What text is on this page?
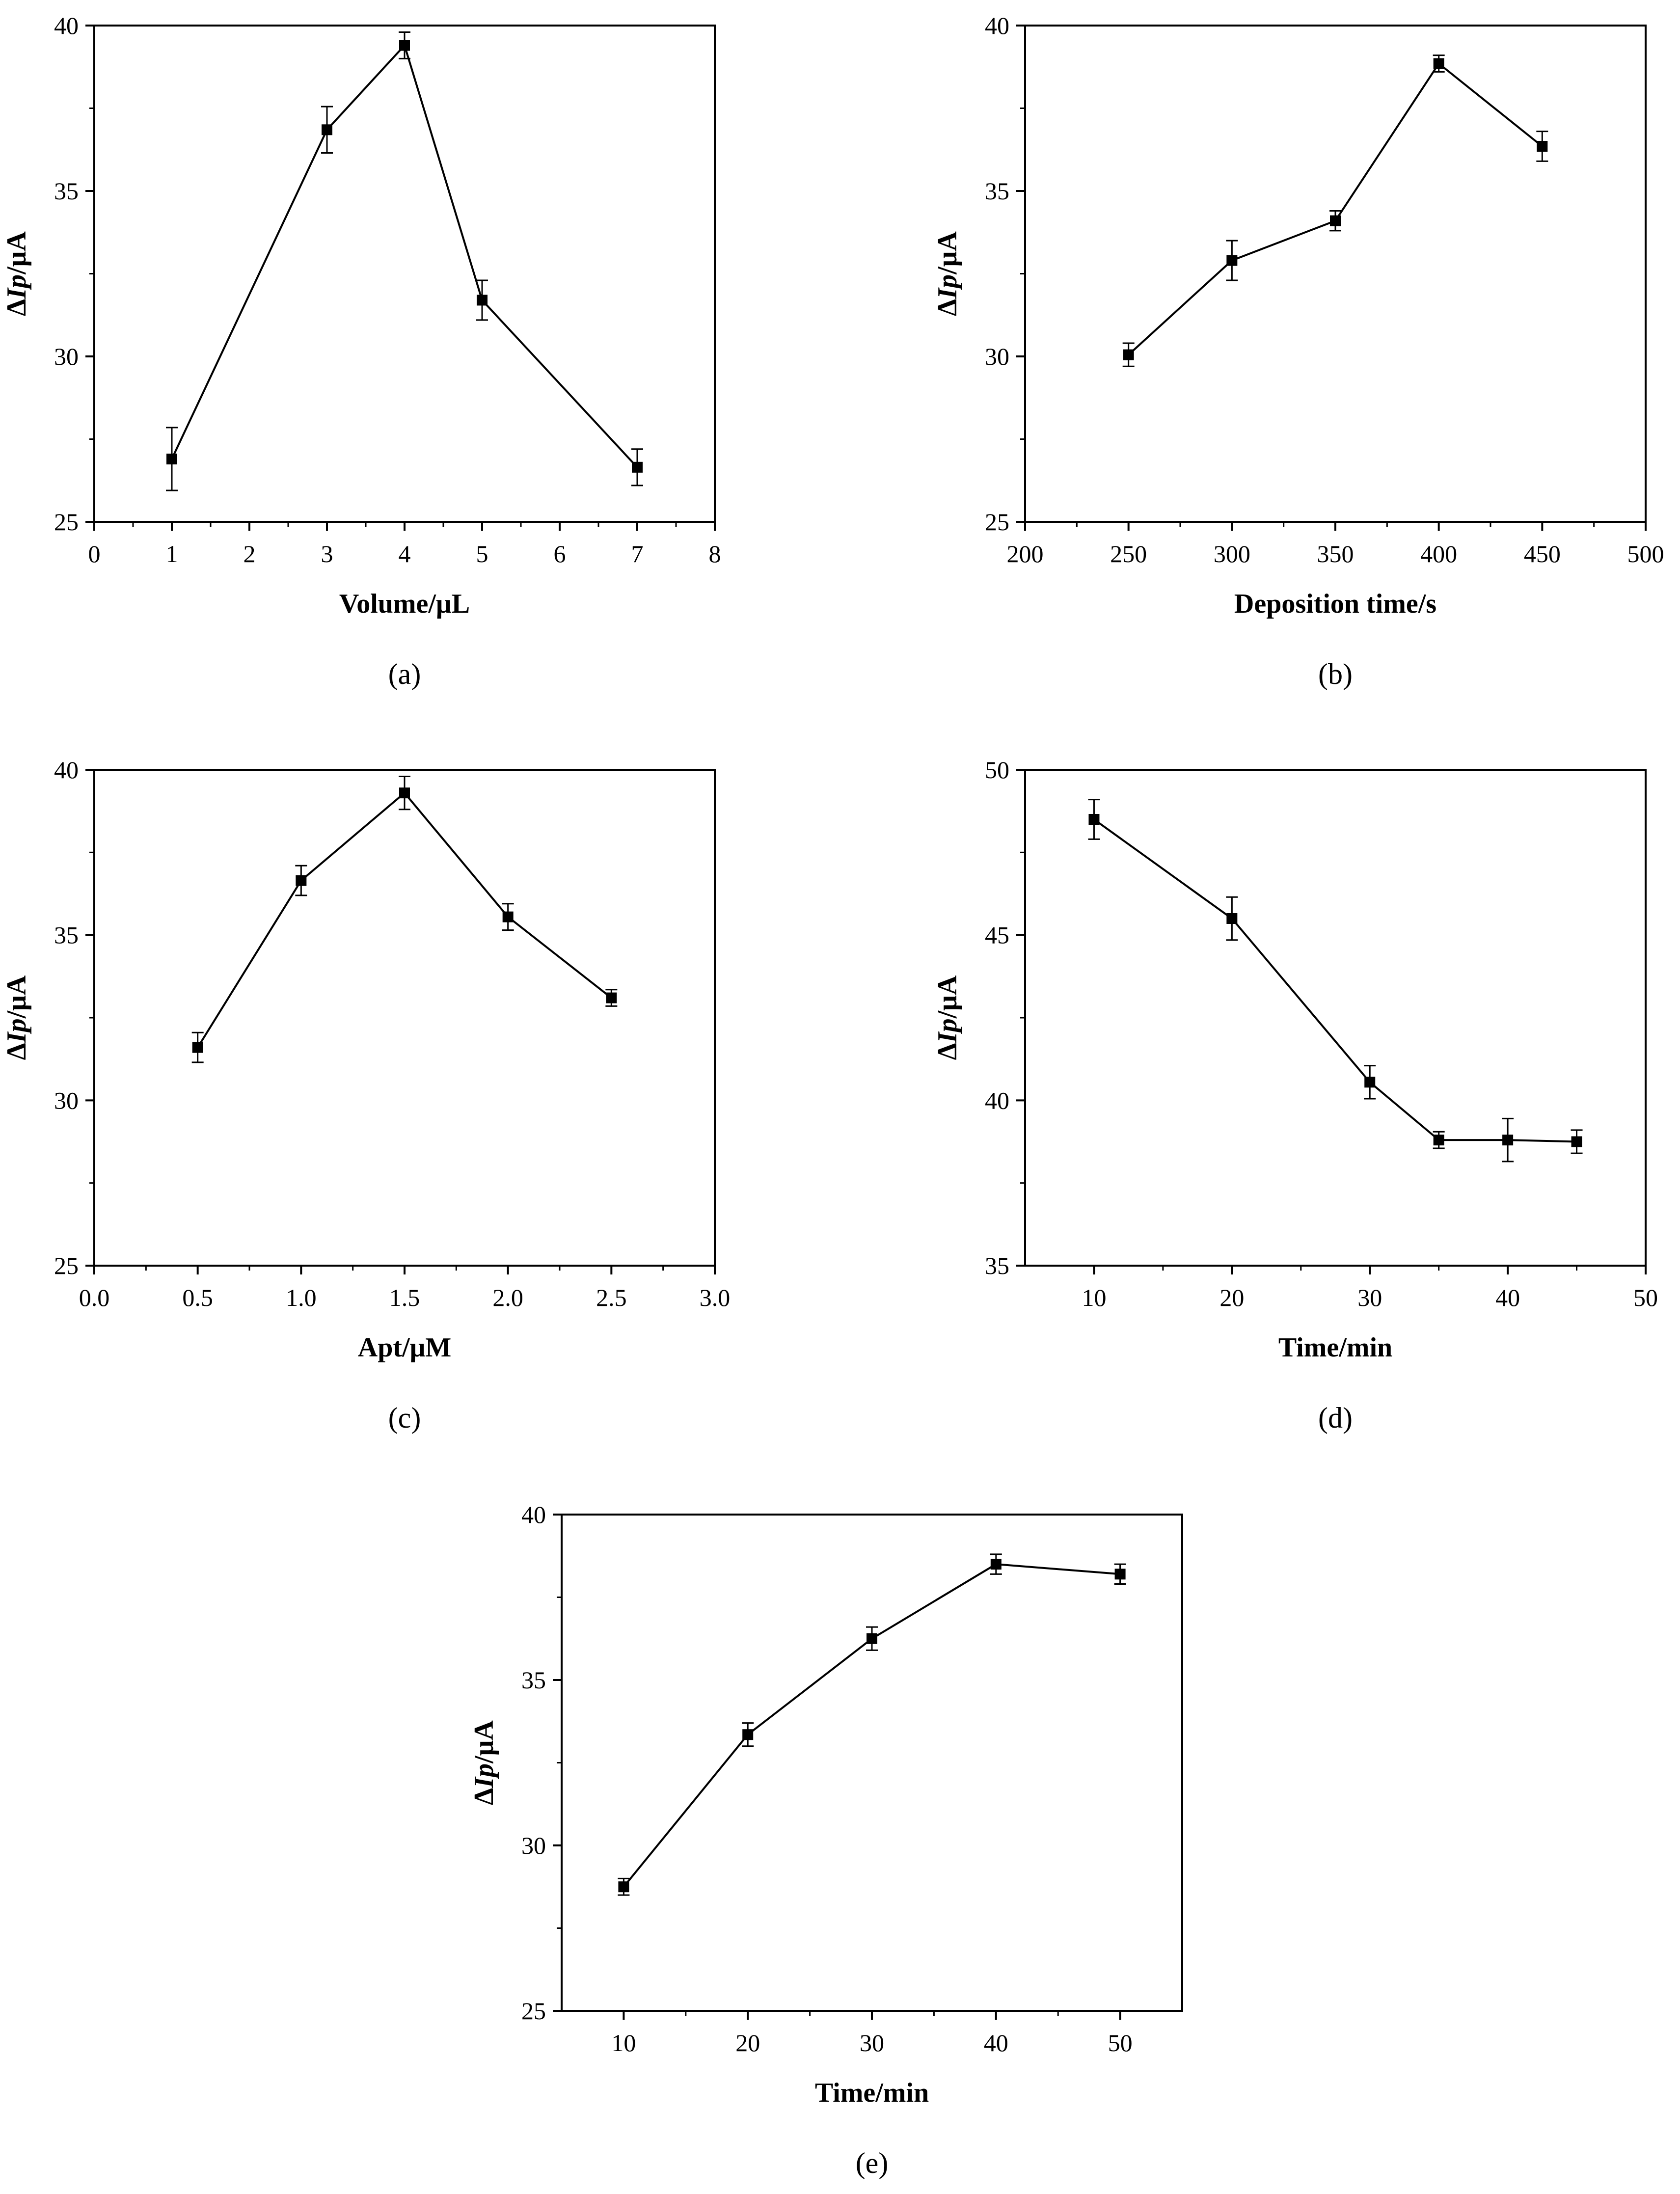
0	1	2	3	4	5	6	7	8
25
30
35
40
Volume/μL
ΔIp/μA
(a)
200	250	300	350	400	450	500
25
30
35
40
Deposition time/s
ΔIp/μA
(b)
0.0	0.5	1.0	1.5	2.0	2.5	3.0
25
30
35
40
Apt/μM
ΔIp/μA
(c)
10	20	30	40	50
35
40
45
50
Time/min
ΔIp/μA
(d)
10	20	30	40	50
25
30
35
40
Time/min
ΔIp/μA
(e)
